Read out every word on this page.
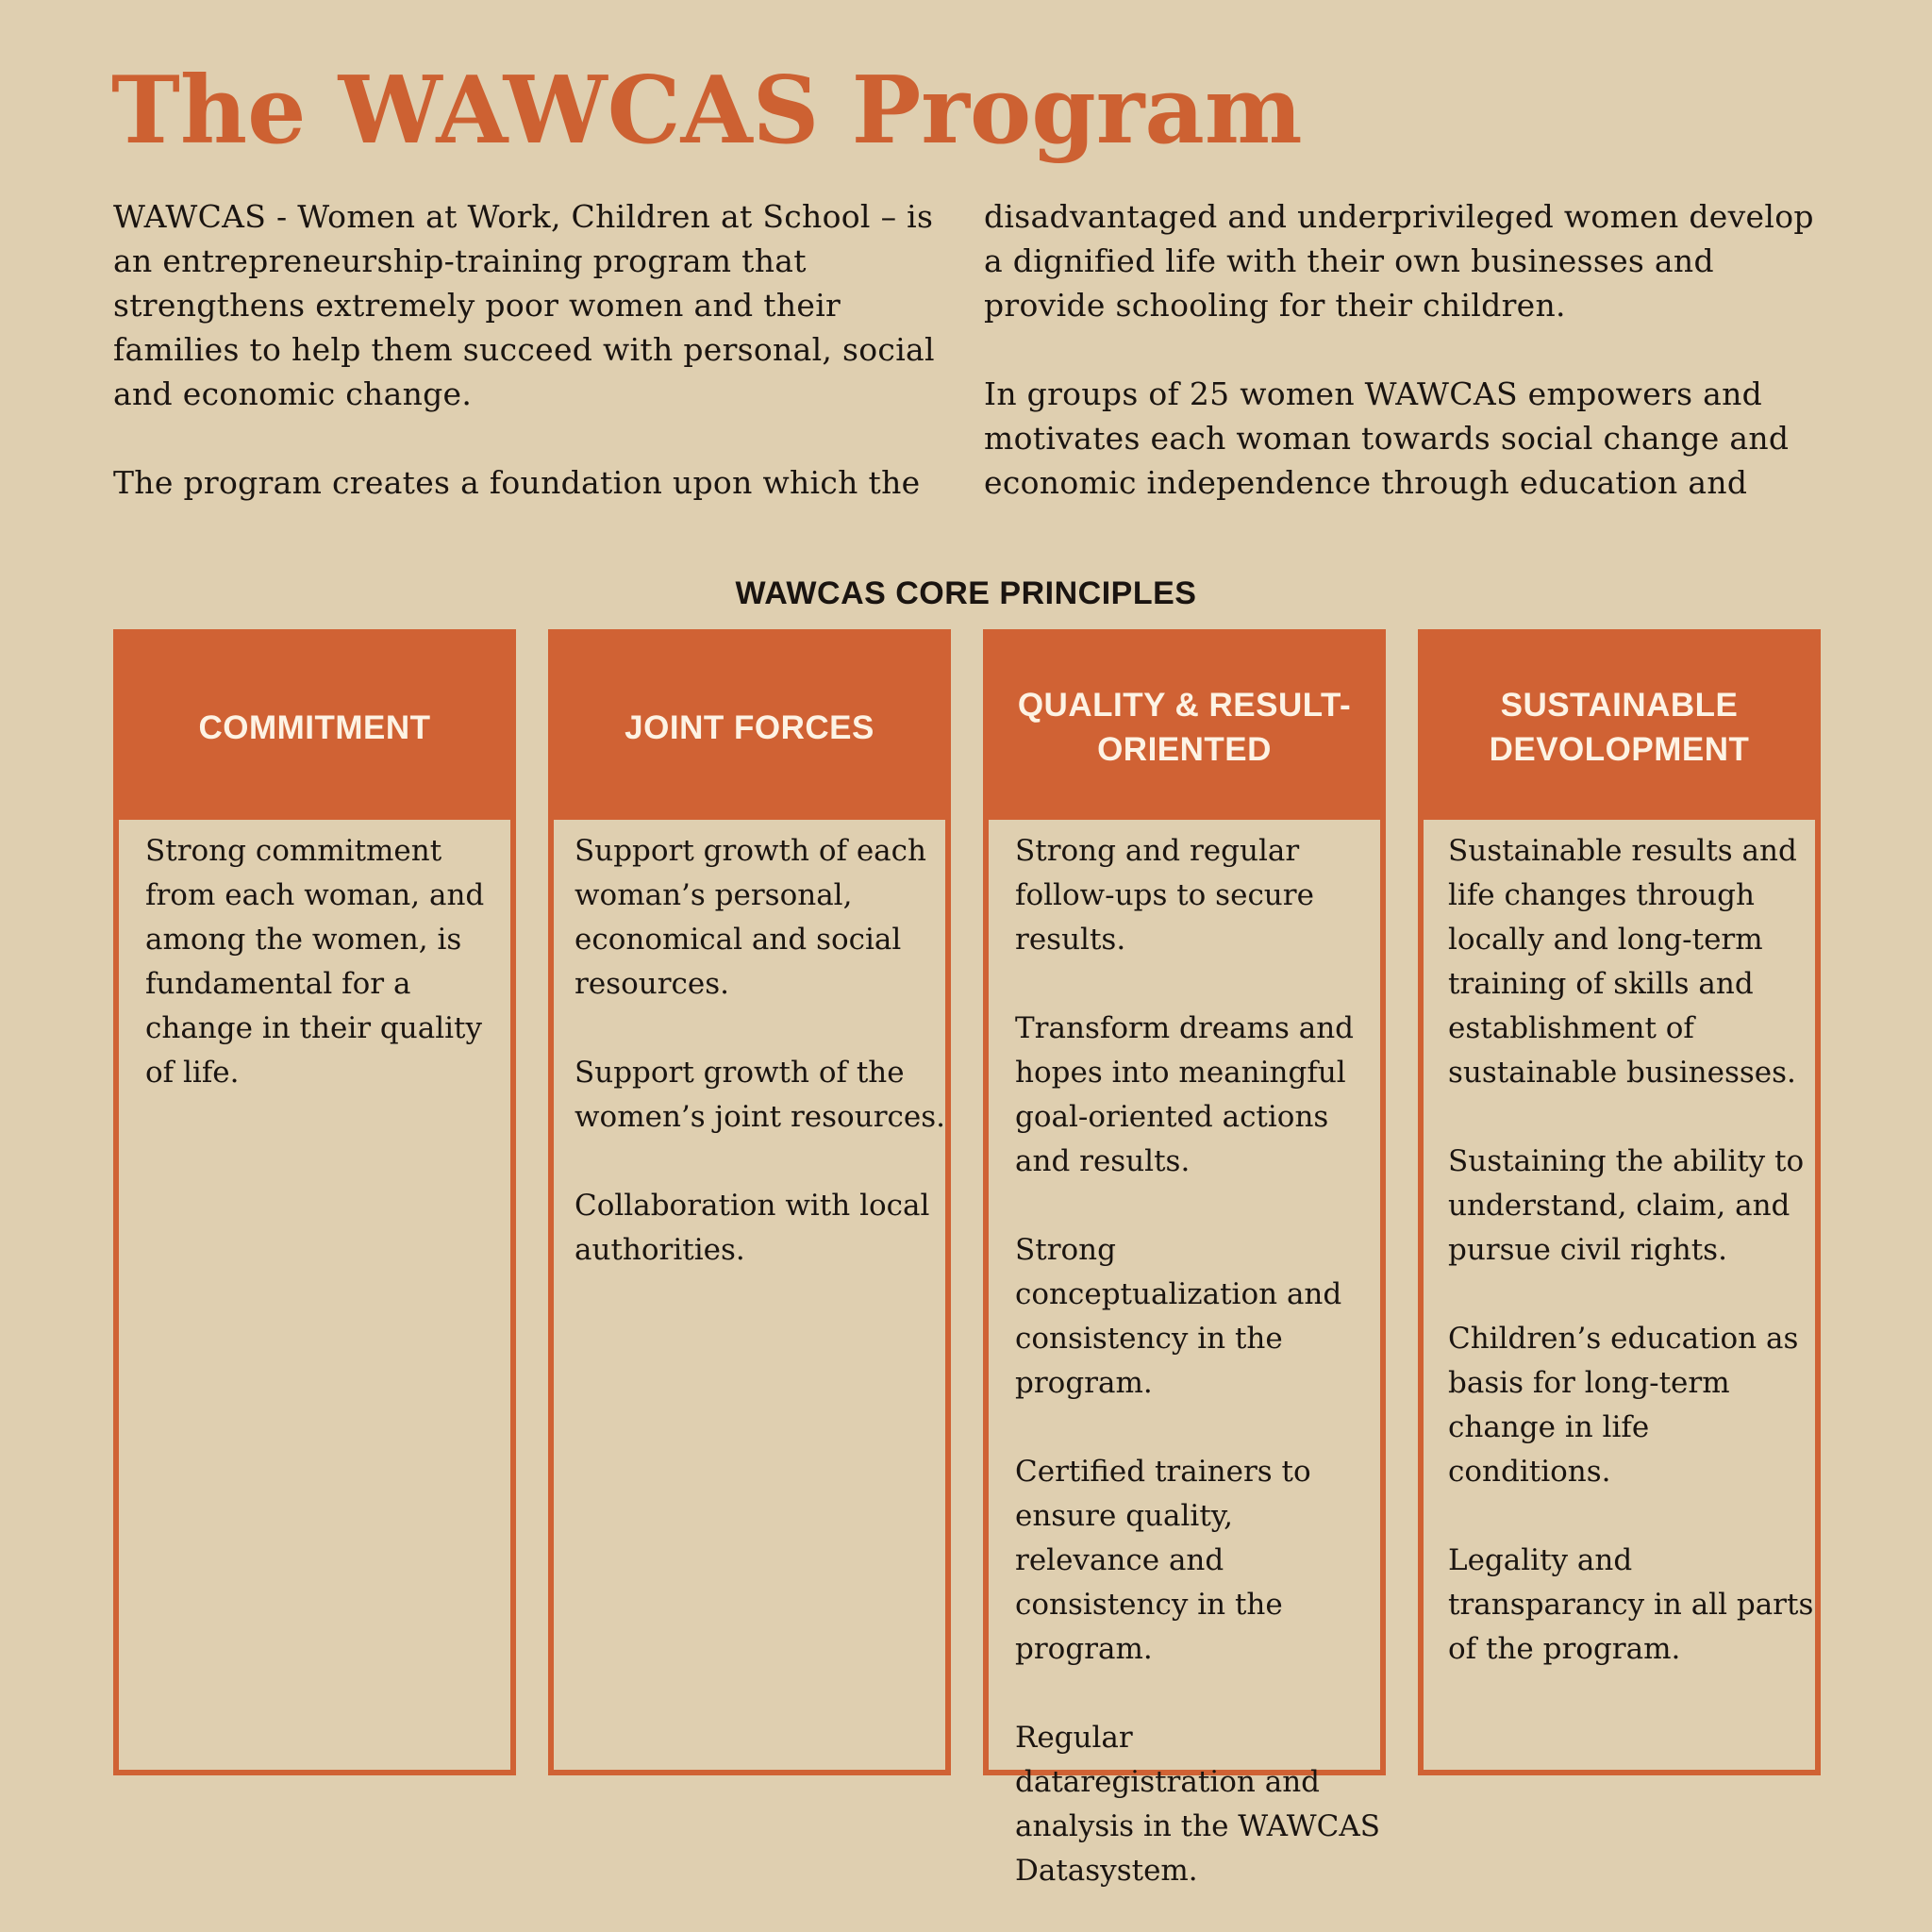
The WAWCAS Program

WAWCAS - Women at Work, Children at School – is an entrepreneurship-training program that strengthens extremely poor women and their families to help them succeed with personal, social and economic change.

The program creates a foundation upon which the

disadvantaged and underprivileged women develop a dignified life with their own businesses and provide schooling for their children.

In groups of 25 women WAWCAS empowers and motivates each woman towards social change and economic independence through education and

WAWCAS CORE PRINCIPLES
COMMITMENT

Strong commitment from each woman, and among the women, is fundamental for a change in their quality of life.

JOINT FORCES

Support growth of each woman’s personal, economical and social resources.

Support growth of the women’s joint resources.

Collaboration with local authorities.

QUALITY & RESULT-ORIENTED

Strong and regular follow-ups to secure results.

Transform dreams and hopes into meaningful goal-oriented actions and results.

Strong conceptualization and consistency in the program.

Certified trainers to ensure quality, relevance and consistency in the program.

Regular dataregistration and analysis in the WAWCAS Datasystem.

SUSTAINABLE DEVOLOPMENT

Sustainable results and life changes through locally and long-term training of skills and establishment of sustainable businesses.

Sustaining the ability to understand, claim, and pursue civil rights.

Children’s education as basis for long-term change in life conditions.

Legality and transparancy in all parts of the program.
